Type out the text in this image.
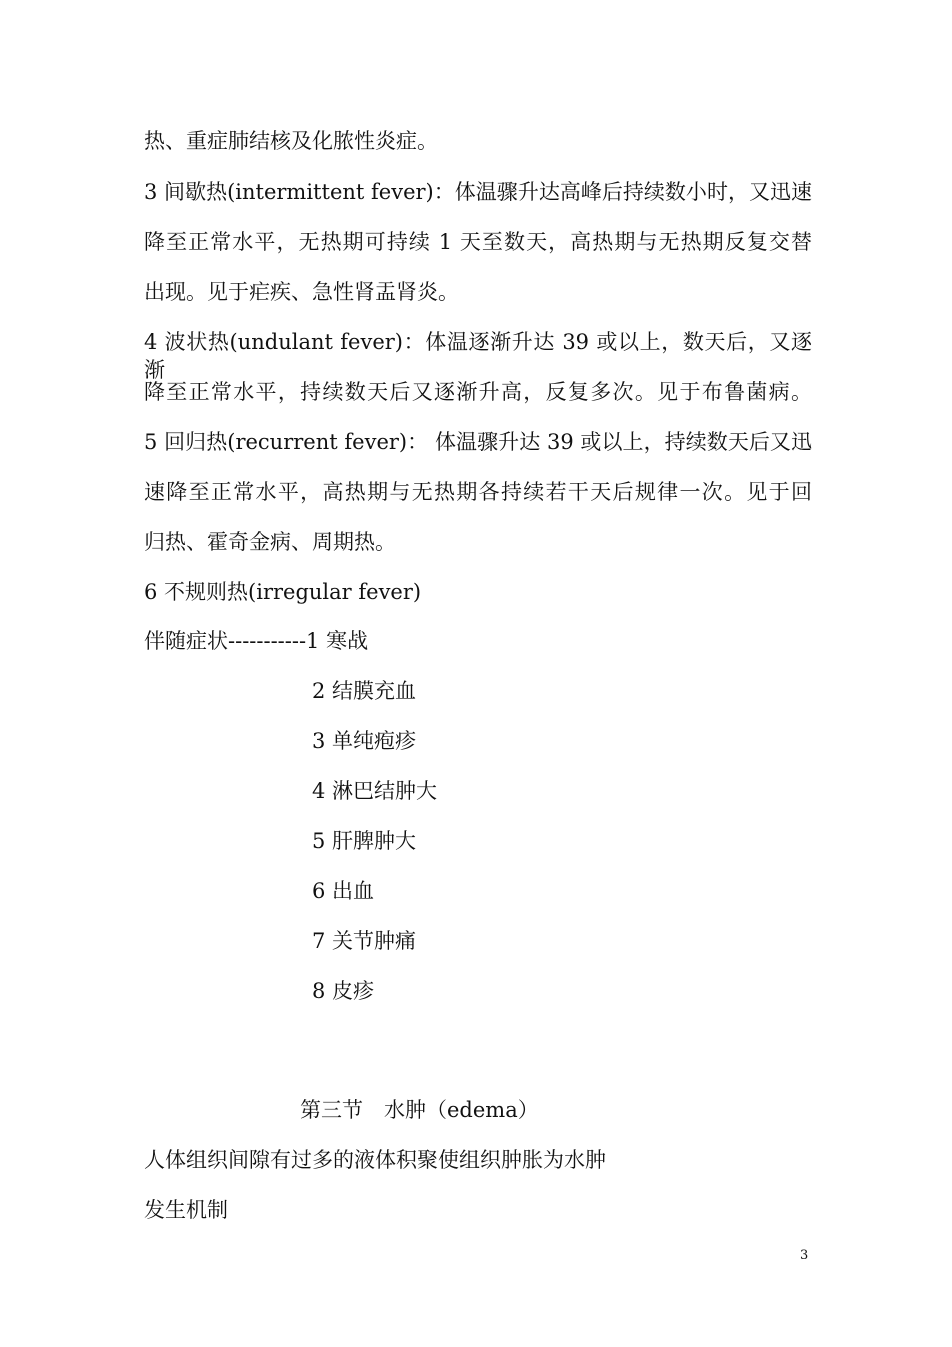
热、重症肺结核及化脓性炎症。
3 间歇热(intermittent fever)：体温骤升达高峰后持续数小时，又迅速
降至正常水平，无热期可持续 1 天至数天，高热期与无热期反复交替
出现。见于疟疾、急性肾盂肾炎。
4 波状热(undulant fever)：体温逐渐升达 39 或以上，数天后，又逐渐
降至正常水平，持续数天后又逐渐升高，反复多次。见于布鲁菌病。
5 回归热(recurrent fever)： 体温骤升达 39 或以上，持续数天后又迅
速降至正常水平，高热期与无热期各持续若干天后规律一次。见于回
归热、霍奇金病、周期热。
6 不规则热(irregular fever)
伴随症状-----------1 寒战
2 结膜充血
3 单纯疱疹
4 淋巴结肿大
5 肝脾肿大
6 出血
7 关节肿痛
8 皮疹
第三节　水肿（edema）
人体组织间隙有过多的液体积聚使组织肿胀为水肿
发生机制
3
